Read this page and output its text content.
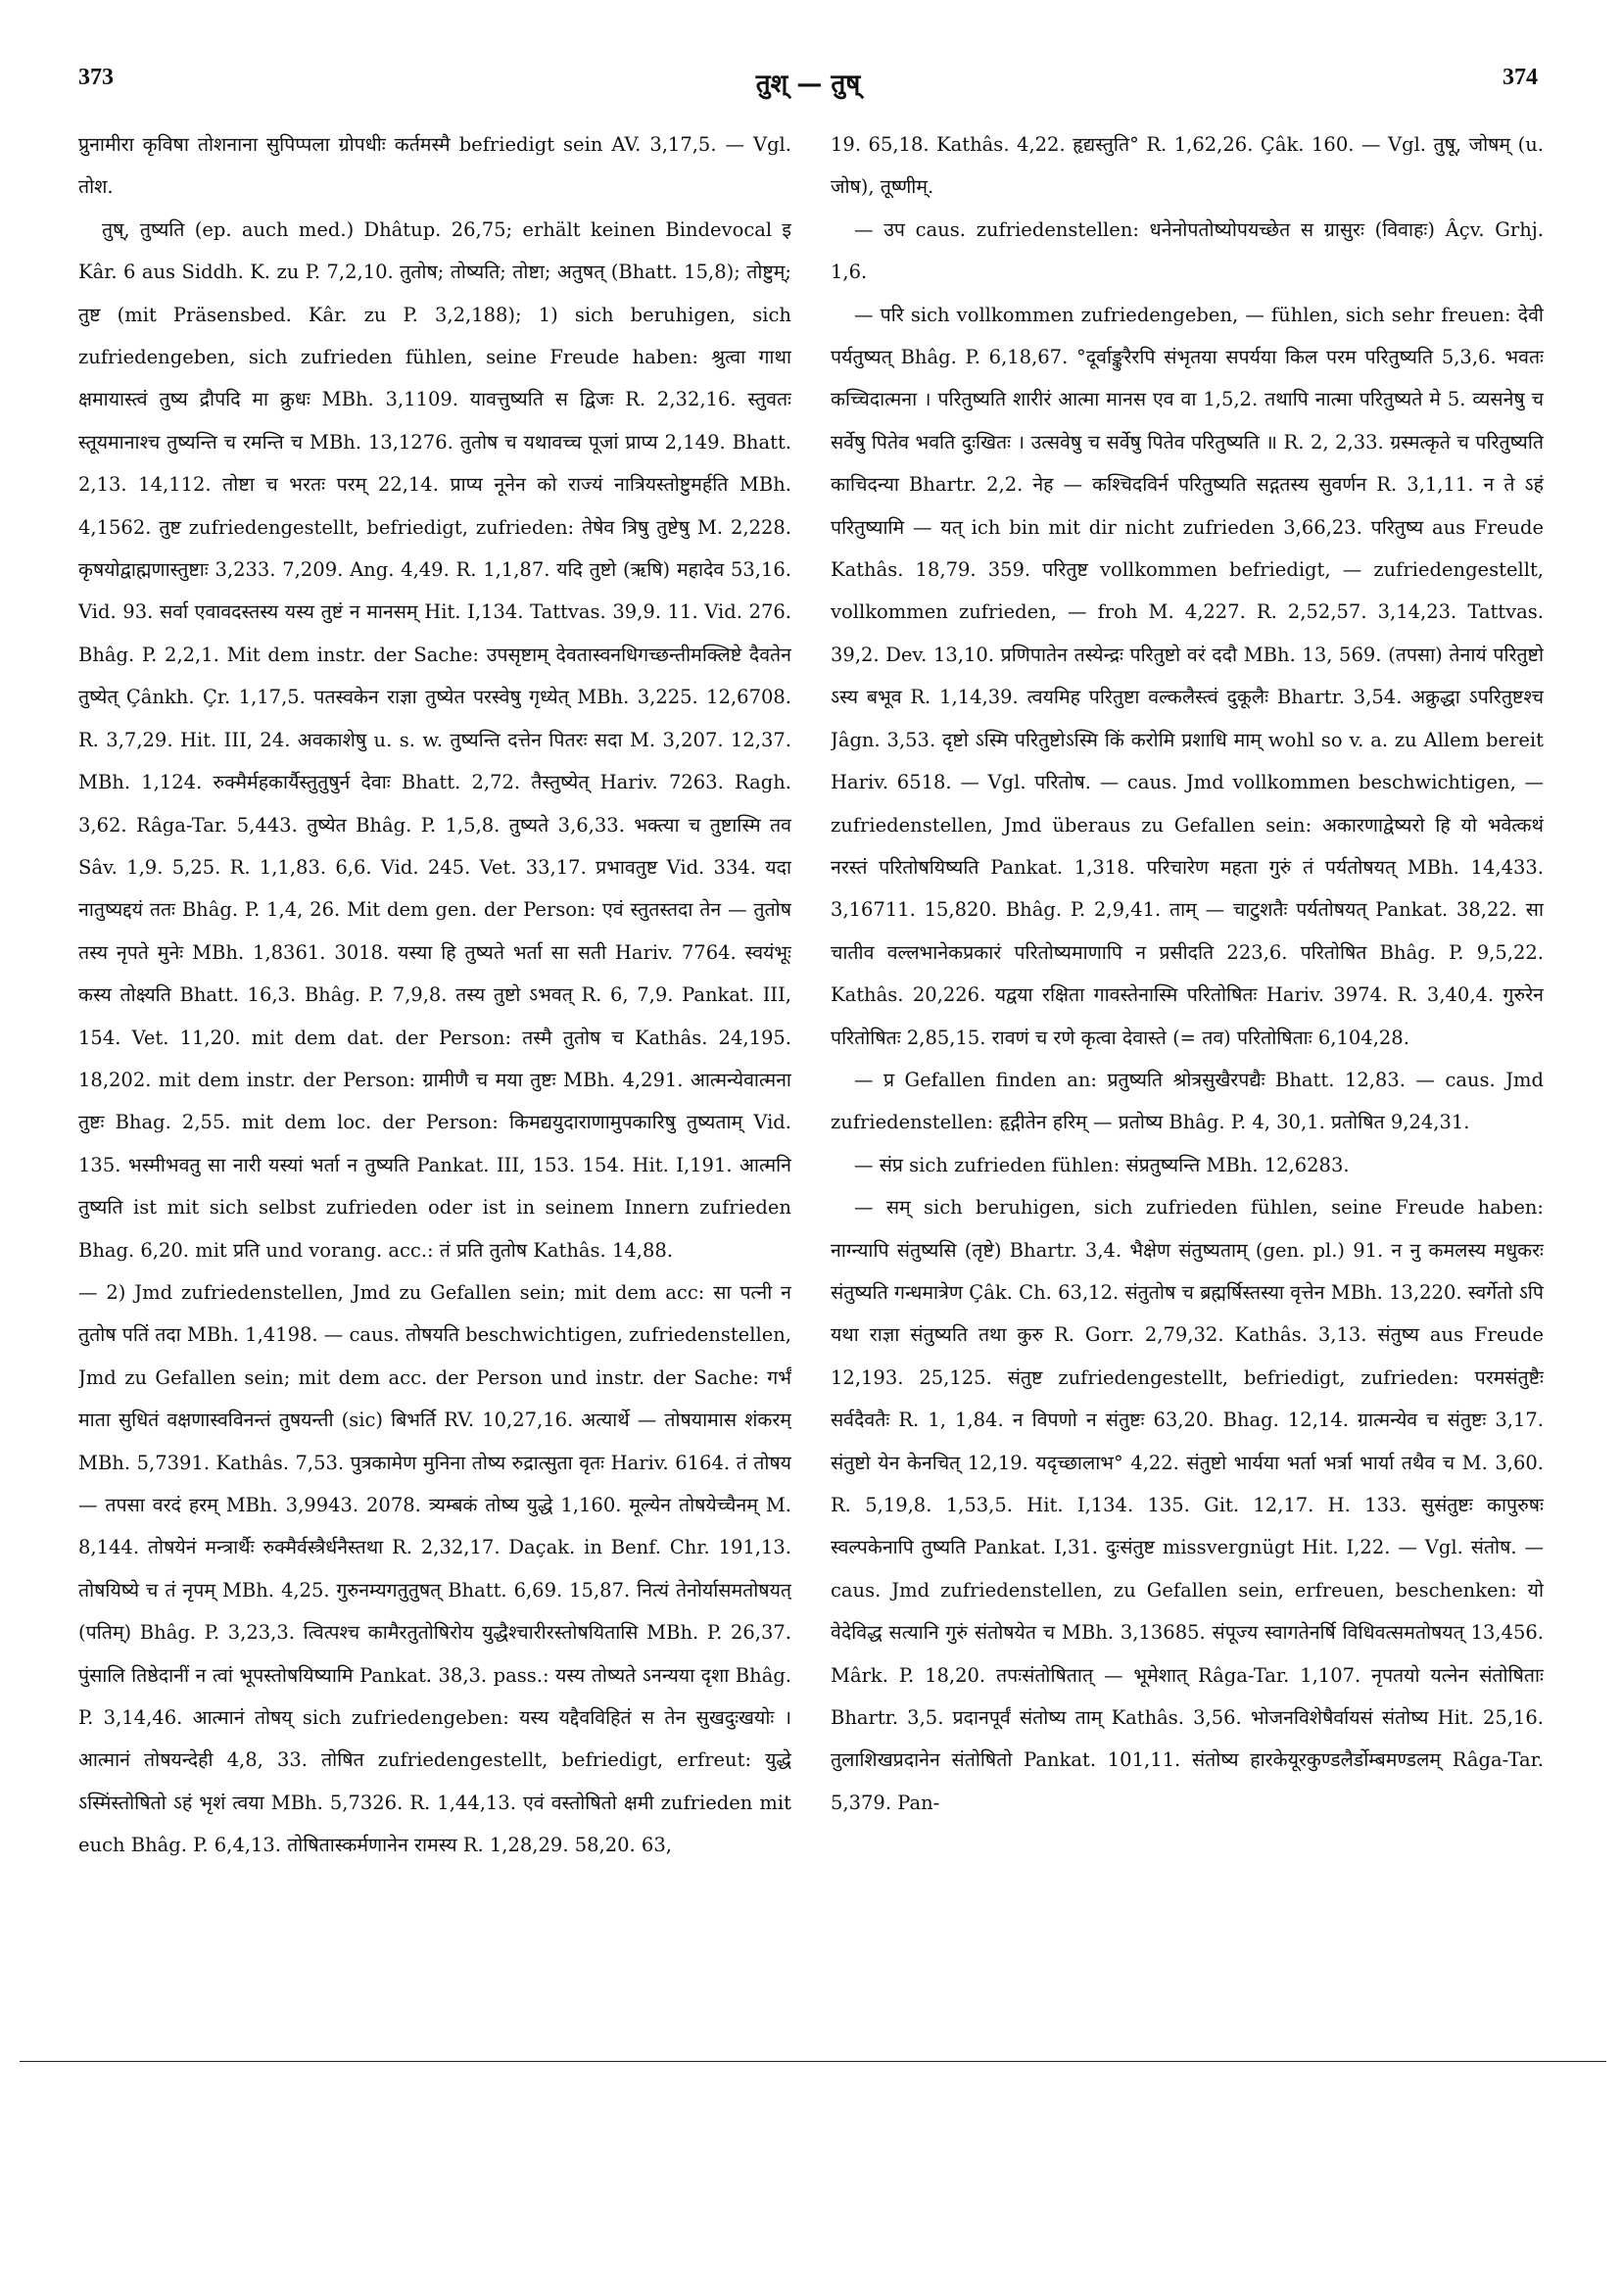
373	तुश् — तुष्	374

प्रुनामीरा कृविषा तोशनाना सुपिप्पला ग्रोपधीः कर्तमस्मै befriedigt sein AV. 3,17,5. — Vgl. तोश.

तुष्, तुष्यति (ep. auch med.) Dhâtup. 26,75; erhält keinen Bindevocal इ Kâr. 6 aus Siddh. K. zu P. 7,2,10. तुतोष; तोष्यति; तोष्टा; अतुषत् (Bhatt. 15,8); तोष्टुम्; तुष्ट (mit Präsensbed. Kâr. zu P. 3,2,188); 1) sich beruhigen, sich zufriedengeben, sich zufrieden fühlen, seine Freude haben: श्रुत्वा गाथा क्षमायास्त्वं तुष्य द्रौपदि मा क्रुधः MBh. 3,1109. यावत्तुष्यति स द्विजः R. 2,32,16. स्तुवतः स्तूयमानाश्च तुष्यन्ति च रमन्ति च MBh. 13,1276. तुतोष च यथावच्च पूजां प्राप्य 2,149. Bhatt. 2,13. 14,112. तोष्टा च भरतः परम् 22,14. प्राप्य नूनेन को राज्यं नात्रियस्तोष्टुमर्हति MBh. 4,1562. तुष्ट zufriedengestellt, befriedigt, zufrieden: तेषेव त्रिषु तुष्टेषु M. 2,228. कृषयोद्वाह्मणास्तुष्टाः 3,233. 7,209. Ang. 4,49. R. 1,1,87. यदि तुष्टो (ऋषि) महादेव 53,16. Vid. 93. सर्वा एवावदस्तस्य यस्य तुष्टं न मानसम् Hit. I,134. Tattvas. 39,9. 11. Vid. 276. Bhâg. P. 2,2,1. Mit dem instr. der Sache: उपसृष्टाम् देवतास्वनधिगच्छन्तीमक्लिष्टे दैवतेन तुष्येत् Çânkh. Çr. 1,17,5. पतस्वकेन राज्ञा तुष्येत परस्वेषु गृध्येत् MBh. 3,225. 12,6708. R. 3,7,29. Hit. III, 24. अवकाशेषु u. s. w. तुष्यन्ति दत्तेन पितरः सदा M. 3,207. 12,37. MBh. 1,124. रुक्मैर्महकार्यैस्तुतुषुर्न देवाः Bhatt. 2,72. तैस्तुष्येत् Hariv. 7263. Ragh. 3,62. Râga-Tar. 5,443. तुष्येत Bhâg. P. 1,5,8. तुष्यते 3,6,33. भक्त्या च तुष्टास्मि तव Sâv. 1,9. 5,25. R. 1,1,83. 6,6. Vid. 245. Vet. 33,17. प्रभावतुष्ट Vid. 334. यदा नातुष्यद्दयं ततः Bhâg. P. 1,4, 26. Mit dem gen. der Person: एवं स्तुतस्तदा तेन — तुतोष तस्य नृपते मुनेः MBh. 1,8361. 3018. यस्या हि तुष्यते भर्ता सा सती Hariv. 7764. स्वयंभूः कस्य तोक्ष्यति Bhatt. 16,3. Bhâg. P. 7,9,8. तस्य तुष्टो ऽभवत् R. 6, 7,9. Pankat. III, 154. Vet. 11,20. mit dem dat. der Person: तस्मै तुतोष च Kathâs. 24,195. 18,202. mit dem instr. der Person: ग्रामीणै च मया तुष्टः MBh. 4,291. आत्मन्येवात्मना तुष्टः Bhag. 2,55. mit dem loc. der Person: किमद्ययुदाराणामुपकारिषु तुष्यताम् Vid. 135. भस्मीभवतु सा नारी यस्यां भर्ता न तुष्यति Pankat. III, 153. 154. Hit. I,191. आत्मनि तुष्यति ist mit sich selbst zufrieden oder ist in seinem Innern zufrieden Bhag. 6,20. mit प्रति und vorang. acc.: तं प्रति तुतोष Kathâs. 14,88.

— 2) Jmd zufriedenstellen, Jmd zu Gefallen sein; mit dem acc: सा पत्नी न तुतोष पतिं तदा MBh. 1,4198. — caus. तोषयति beschwichtigen, zufriedenstellen, Jmd zu Gefallen sein; mit dem acc. der Person und instr. der Sache: गर्भं माता सुधितं वक्षणास्वविनन्तं तुषयन्ती (sic) बिभर्ति RV. 10,27,16. अत्यार्थे — तोषयामास शंकरम् MBh. 5,7391. Kathâs. 7,53. पुत्रकामेण मुनिना तोष्य रुद्रात्सुता वृतः Hariv. 6164. तं तोषय — तपसा वरदं हरम् MBh. 3,9943. 2078. त्र्यम्बकं तोष्य युद्धे 1,160. मूल्येन तोषयेच्चैनम् M. 8,144. तोषयेनं मन्त्रार्थैः रुक्मैर्वस्त्रैर्धनैस्तथा R. 2,32,17. Daçak. in Benf. Chr. 191,13. तोषयिष्ये च तं नृपम् MBh. 4,25. गुरुनम्यगतुतुषत् Bhatt. 6,69. 15,87. नित्यं तेनोर्यासमतोषयत् (पतिम्) Bhâg. P. 3,23,3. त्वित्पश्च कामैरतुतोषिरोय युद्धैश्चारीरस्तोषयितासि MBh. P. 26,37. पुंसालि तिष्ठेदानीं न त्वां भूपस्तोषयिष्यामि Pankat. 38,3. pass.: यस्य तोष्यते ऽनन्यया दृशा Bhâg. P. 3,14,46. आत्मानं तोषय् sich zufriedengeben: यस्य यद्दैवविहितं स तेन सुखदुःखयोः । आत्मानं तोषयन्देही 4,8, 33. तोषित zufriedengestellt, befriedigt, erfreut: युद्धे ऽस्मिंस्तोषितो ऽहं भृशं त्वया MBh. 5,7326. R. 1,44,13. एवं वस्तोषितो क्षमी zufrieden mit euch Bhâg. P. 6,4,13. तोषितास्कर्मणानेन रामस्य R. 1,28,29. 58,20. 63,

19. 65,18. Kathâs. 4,22. हृद्यस्तुति° R. 1,62,26. Çâk. 160. — Vgl. तुषू, जोषम् (u. जोष), तूष्णीम्.

— उप caus. zufriedenstellen: धनेनोपतोष्योपयच्छेत स ग्रासुरः (विवाहः) Âçv. Grhj. 1,6.

— परि sich vollkommen zufriedengeben, — fühlen, sich sehr freuen: देवी पर्यतुष्यत् Bhâg. P. 6,18,67. °दूर्वाङ्कुरैरपि संभृतया सपर्यया किल परम परितुष्यति 5,3,6. भवतः कच्चिदात्मना । परितुष्यति शारीरं आत्मा मानस एव वा 1,5,2. तथापि नात्मा परितुष्यते मे 5. व्यसनेषु च सर्वेषु पितेव भवति दुःखितः । उत्सवेषु च सर्वेषु पितेव परितुष्यति ॥ R. 2, 2,33. ग्रस्मत्कृते च परितुष्यति काचिदन्या Bhartr. 2,2. नेह — कश्चिदविर्न परितुष्यति सद्गतस्य सुवर्णन R. 3,1,11. न ते ऽहं परितुष्यामि — यत् ich bin mit dir nicht zufrieden 3,66,23. परितुष्य aus Freude Kathâs. 18,79. 359. परितुष्ट vollkommen befriedigt, — zufriedengestellt, vollkommen zufrieden, — froh M. 4,227. R. 2,52,57. 3,14,23. Tattvas. 39,2. Dev. 13,10. प्रणिपातेन तस्येन्द्रः परितुष्टो वरं ददौ MBh. 13, 569. (तपसा) तेनायं परितुष्टो ऽस्य बभूव R. 1,14,39. त्वयमिह परितुष्टा वल्कलैस्त्वं दुकूलैः Bhartr. 3,54. अक्रुद्धा ऽपरितुष्टश्च Jâgn. 3,53. दृष्टो ऽस्मि परितुष्टोऽस्मि किं करोमि प्रशाधि माम् wohl so v. a. zu Allem bereit Hariv. 6518. — Vgl. परितोष. — caus. Jmd vollkommen beschwichtigen, — zufriedenstellen, Jmd überaus zu Gefallen sein: अकारणाद्वेष्यरो हि यो भवेत्कथं नरस्तं परितोषयिष्यति Pankat. 1,318. परिचारेण महता गुरुं तं पर्यतोषयत् MBh. 14,433. 3,16711. 15,820. Bhâg. P. 2,9,41. ताम् — चाटुशतैः पर्यतोषयत् Pankat. 38,22. सा चातीव वल्लभानेकप्रकारं परितोष्यमाणापि न प्रसीदति 223,6. परितोषित Bhâg. P. 9,5,22. Kathâs. 20,226. यद्वया रक्षिता गावस्तेनास्मि परितोषितः Hariv. 3974. R. 3,40,4. गुरुरेन परितोषितः 2,85,15. रावणं च रणे कृत्वा देवास्ते (= तव) परितोषिताः 6,104,28.

— प्र Gefallen finden an: प्रतुष्यति श्रोत्रसुखैरपद्यैः Bhatt. 12,83. — caus. Jmd zufriedenstellen: हृद्गीतेन हरिम् — प्रतोष्य Bhâg. P. 4, 30,1. प्रतोषित 9,24,31.

— संप्र sich zufrieden fühlen: संप्रतुष्यन्ति MBh. 12,6283.

— सम् sich beruhigen, sich zufrieden fühlen, seine Freude haben: नाग्न्यापि संतुष्यसि (तृष्टे) Bhartr. 3,4. भैक्षेण संतुष्यताम् (gen. pl.) 91. न नु कमलस्य मधुकरः संतुष्यति गन्धमात्रेण Çâk. Ch. 63,12. संतुतोष च ब्रह्मर्षिस्तस्या वृत्तेन MBh. 13,220. स्वर्गेतो ऽपि यथा राज्ञा संतुष्यति तथा कुरु R. Gorr. 2,79,32. Kathâs. 3,13. संतुष्य aus Freude 12,193. 25,125. संतुष्ट zufriedengestellt, befriedigt, zufrieden: परमसंतुष्टैः सर्वदैवतैः R. 1, 1,84. न विपणो न संतुष्टः 63,20. Bhag. 12,14. ग्रात्मन्येव च संतुष्टः 3,17. संतुष्टो येन केनचित् 12,19. यदृच्छालाभ° 4,22. संतुष्टो भार्यया भर्ता भर्त्रा भार्या तथैव च M. 3,60. R. 5,19,8. 1,53,5. Hit. I,134. 135. Git. 12,17. H. 133. सुसंतुष्टः कापुरुषः स्वल्पकेनापि तुष्यति Pankat. I,31. दुःसंतुष्ट missvergnügt Hit. I,22. — Vgl. संतोष. — caus. Jmd zufriedenstellen, zu Gefallen sein, erfreuen, beschenken: यो वेदेविद्ध सत्यानि गुरुं संतोषयेत च MBh. 3,13685. संपूज्य स्वागतेनर्षि विधिवत्समतोषयत् 13,456. Mârk. P. 18,20. तपःसंतोषितात् — भूमेशात् Râga-Tar. 1,107. नृपतयो यत्नेन संतोषिताः Bhartr. 3,5. प्रदानपूर्वं संतोष्य ताम् Kathâs. 3,56. भोजनविशेषैर्वायसं संतोष्य Hit. 25,16. तुलाशिखप्रदानेन संतोषितो Pankat. 101,11. संतोष्य हारकेयूरकुण्डलैर्डोम्बमण्डलम् Râga-Tar. 5,379. Pan-
